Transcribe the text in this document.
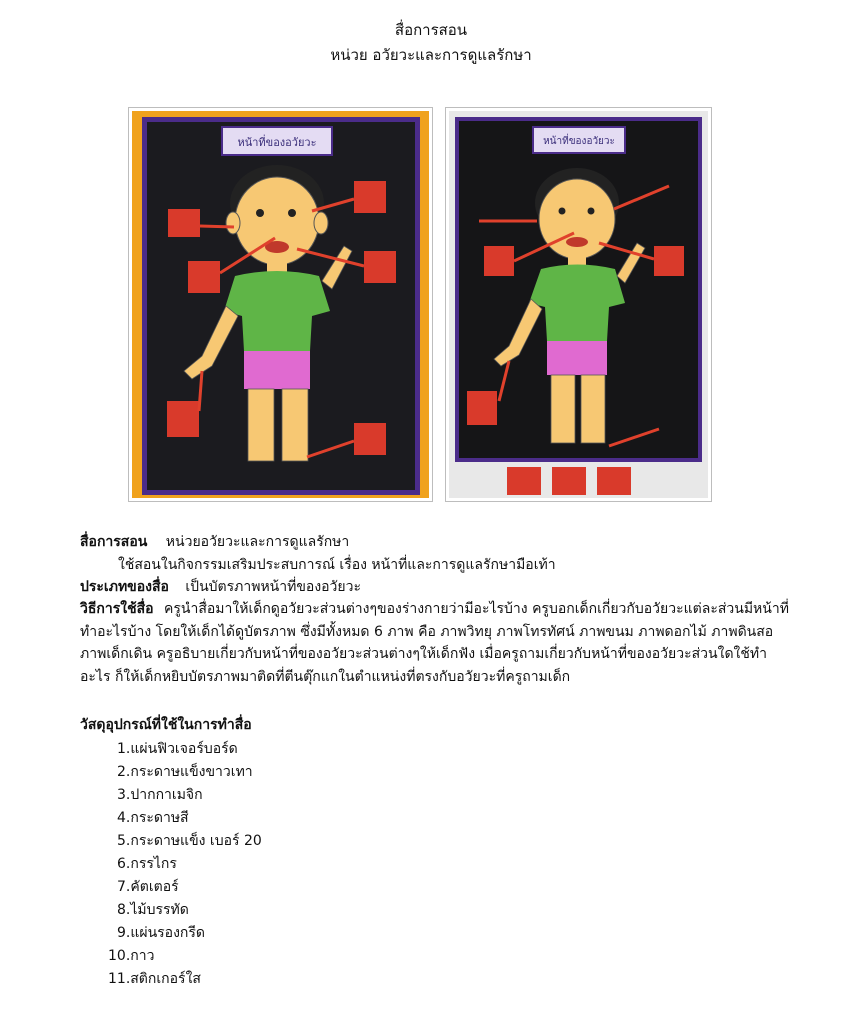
สื่อการสอน
หน่วย อวัยวะและการดูแลรักษา
หน้าที่ของอวัยวะ	หน้าที่ของอวัยวะ
สื่อการสอน หน่วยอวัยวะและการดูแลรักษา
ใช้สอนในกิจกรรมเสริมประสบการณ์ เรื่อง หน้าที่และการดูแลรักษามือเท้า
ประเภทของสื่อ เป็นบัตรภาพหน้าที่ของอวัยวะ
วิธีการใช้สื่อ ครูนำสื่อมาให้เด็กดูอวัยวะส่วนต่างๆของร่างกายว่ามีอะไรบ้าง ครูบอกเด็กเกี่ยวกับอวัยวะแต่ละส่วนมีหน้าที่ทำอะไรบ้าง โดยให้เด็กได้ดูบัตรภาพ ซึ่งมีทั้งหมด 6 ภาพ คือ ภาพวิทยุ ภาพโทรทัศน์ ภาพขนม ภาพดอกไม้ ภาพดินสอ ภาพเด็กเดิน ครูอธิบายเกี่ยวกับหน้าที่ของอวัยวะส่วนต่างๆให้เด็กฟัง เมื่อครูถามเกี่ยวกับหน้าที่ของอวัยวะส่วนใดใช้ทำอะไร ก็ให้เด็กหยิบบัตรภาพมาติดที่ตีนตุ๊กแกในตำแหน่งที่ตรงกับอวัยวะที่ครูถามเด็ก
วัสดุอุปกรณ์ที่ใช้ในการทำสื่อ
1.แผ่นฟิวเจอร์บอร์ด
2.กระดาษแข็งขาวเทา
3.ปากกาเมจิก
4.กระดาษสี
5.กระดาษแข็ง เบอร์ 20
6.กรรไกร
7.คัตเตอร์
8.ไม้บรรทัด
9.แผ่นรองกรีด
10.กาว
11.สติกเกอร์ใส
